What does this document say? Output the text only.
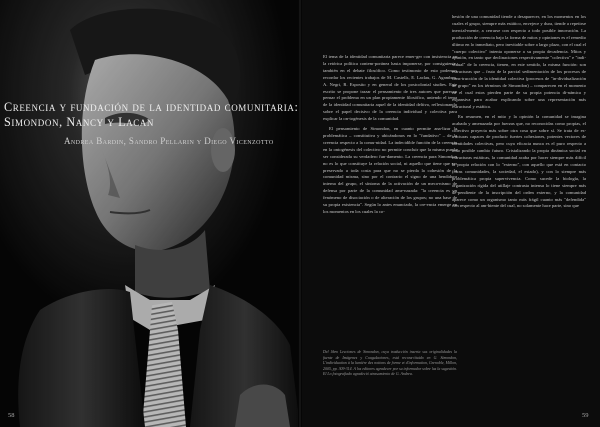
Creencia y fundación de la identidad comunitaria:
Simondon, Nancy y Lacan
Andrea Bardin, Sandro Pellarin y Diego Vicenzotto

El tema de la identidad comunitaria parece emer-ger con insistencia en la retórica política contem-poránea hasta imponerse, por consiguiente, también en el debate filosófico. Como testimonio de esto podemos recordar los recientes trabajos de M. Castells, E. Laclau, G. Agamben, A. Negri, R. Esposito y en general de los postcolonial studies. Este escrito se propone trazar el pensamiento de tres autores que parecen pensar el problema en un plan propiamente filosófico, uniendo el tema de la identidad comunitaria aquel de la identidad deltiva, reflexionando sobre el papel decisivo de la creencia individual y colectiva para explicar la on-togénesis de la comunidad.

El pensamiento de Simondon, en cuanto permite ana-lizar la problemática – constitutiva y ubicándonos en lo "fundativo" – de la creencia respecto a la comu-nidad. La indecidible función de la creencia en la ontogénesis del colectivo no permite concluir que la misma pueda ser considerada su verdadero fun-damento. La creencia para Simondon no es lo que constituye la relación social, ni aquello que tiene que ser preservado a toda costa para que no se pierda la cohesión de la comunidad misma, sino por el contrario el signo de una hendidura interna del grupo, el síntoma de la activación de un meca-nismo de defensa por parte de la comunidad ame-nazada: "la creencia es un fenómeno de disociación o de alteración de los grupos; no una base de su propia existencia". Según lo antes enunciado, la cre-encia emerge en los momentos en los cuales la co-

hesión de una comunidad tiende a desaparecer, en los momentos en los cuales el grupo, siempre más estático, envejece y dura, tiende a repetirse inercial-mente, a cerrarse con respecto a todo posible innovación. La producción de creencia bajo la forma de mitos y opiniones es el remedio último en lo inmediato, pero inevitable sobre a largo plazo, con el cual el "cuerpo colectivo" intenta oponerse a su propia decadencia. Mitos y opinión, en tanto que declinaciones respectivamente "colectiva" e "indi-vidual" de la creencia, tienen, en este sentido, la misma función: son estructuras que – fruto de la parcial sedimentación de los procesos de cons-trucción de la identidad colectiva (procesos de "in-dividualización de grupo" en los términos de Simondon) – comparecen en el momento en el cual estos pierden parte de su propia potencia di-námica y expansiva para acabar explicando sobre una representación más estructural y estática.

En resumen, en el mito y la opinión la comunidad se imagina acabada y amenazada por fuerzas que, no reconocidas como propias, el colectivo proyecta más sobre otra cosa que sobre sí. Se trata de es-tructuras capaces de producir fuertes cohesiones, potentes vectores de identidades colectivas, pero cuya eficacia nunca es el puro respecto a todo posible cambio futuro. Cristalizando la propia dinámica social en estructuras estáticas, la comunidad acaba por hacer siempre más difícil la propia relación con lo "externo", con aquello que está en contacto (otras comunidades, la sociedad, el estado), y con lo siempre más problemática propia supervivencia. Como sucede la biología, la organización rígida del utillaje contrasta intensa lo tiene siempre más de-pendiente de la inscripción del orden externo, y la comunidad aparece como un organismo tanto más frágil cuanto más "defendida" con respecto al am-biente del cual, no solamente hace parte, sino que

Del libro Lecciones de Simondon, cuya traducción inserta sus originalidades la fuente de Imágenes y Coagulaciones, está recons-tituido en G. Simondon, L'individuation à la lumière des notions de forme et d'information, Grenoble, Millon, 2005, pp. 309-314. A los editores agradecer por su informador sobre las la sugestión. El Lo fotografiado agradeció atrasamiento de G. Andrea.
58	59
